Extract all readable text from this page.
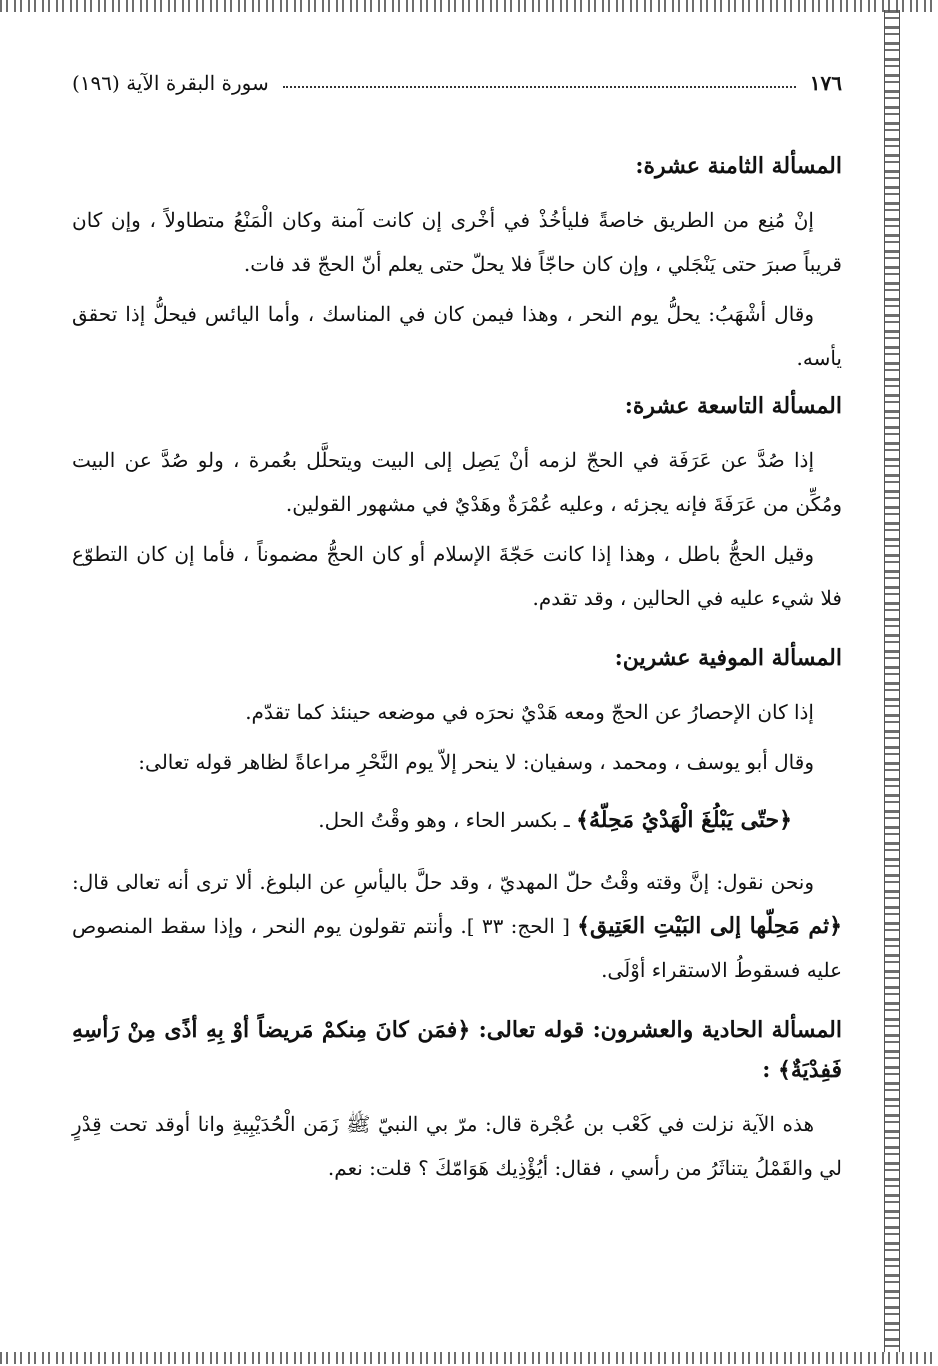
١٧٦
سورة البقرة الآية (١٩٦)
المسألة الثامنة عشرة:

إنْ مُنِع من الطريق خاصةً فليأخُذْ في أخْرى إن كانت آمنة وكان الْمَنْعُ متطاولاً ، وإن كان قريباً صبرَ حتى يَنْجَلي ، وإن كان حاجّاً فلا يحلّ حتى يعلم أنّ الحجّ قد فات.

وقال أشْهَبُ: يحلُّ يوم النحر ، وهذا فيمن كان في المناسك ، وأما اليائس فيحلُّ إذا تحقق يأسه.

المسألة التاسعة عشرة:

إذا صُدَّ عن عَرَفَة في الحجّ لزمه أنْ يَصِل إلى البيت ويتحلَّل بعُمرة ، ولو صُدَّ عن البيت ومُكِّن من عَرَفَةَ فإنه يجزئه ، وعليه عُمْرَةٌ وهَدْيٌ في مشهور القولين.

وقيل الحجُّ باطل ، وهذا إذا كانت حَجّةَ الإسلام أو كان الحجُّ مضموناً ، فأما إن كان التطوّع فلا شيء عليه في الحالين ، وقد تقدم.

المسألة الموفية عشرين:

إذا كان الإحصارُ عن الحجّ ومعه هَدْيٌ نحرَه في موضعه حينئذ كما تقدّم.

وقال أبو يوسف ، ومحمد ، وسفيان: لا ينحر إلاّ يوم النَّحْرِ مراعاةً لظاهر قوله تعالى:

﴿حتّى يَبْلُغَ الْهَدْيُ مَحِلّهُ﴾ ـ بكسر الحاء ، وهو وقْتُ الحل.

ونحن نقول: إنَّ وقته وقْتُ حلّ المهديّ ، وقد حلَّ باليأسِ عن البلوغ. ألا ترى أنه تعالى قال: ﴿ثم مَحِلّها إلى البَيْتِ العَتِيق﴾ [ الحج: ٣٣ ]. وأنتم تقولون يوم النحر ، وإذا سقط المنصوص عليه فسقوطُ الاستقراء أوْلَى.

المسألة الحادية والعشرون: قوله تعالى: ﴿فمَن كانَ مِنكمْ مَريضاً أوْ بِهِ أذًى مِنْ رَأسِهِ فَفِدْيَةٌ﴾ :

هذه الآية نزلت في كَعْب بن عُجْرة قال: مرّ بي النبيّ ﷺ زَمَن الْحُدَيْبِيةِ وانا أوقد تحت قِدْرٍ لي والقَمْلُ يتناثَرُ من رأسي ، فقال: أيُؤْذِيك هَوَامّكَ ؟ قلت: نعم.
